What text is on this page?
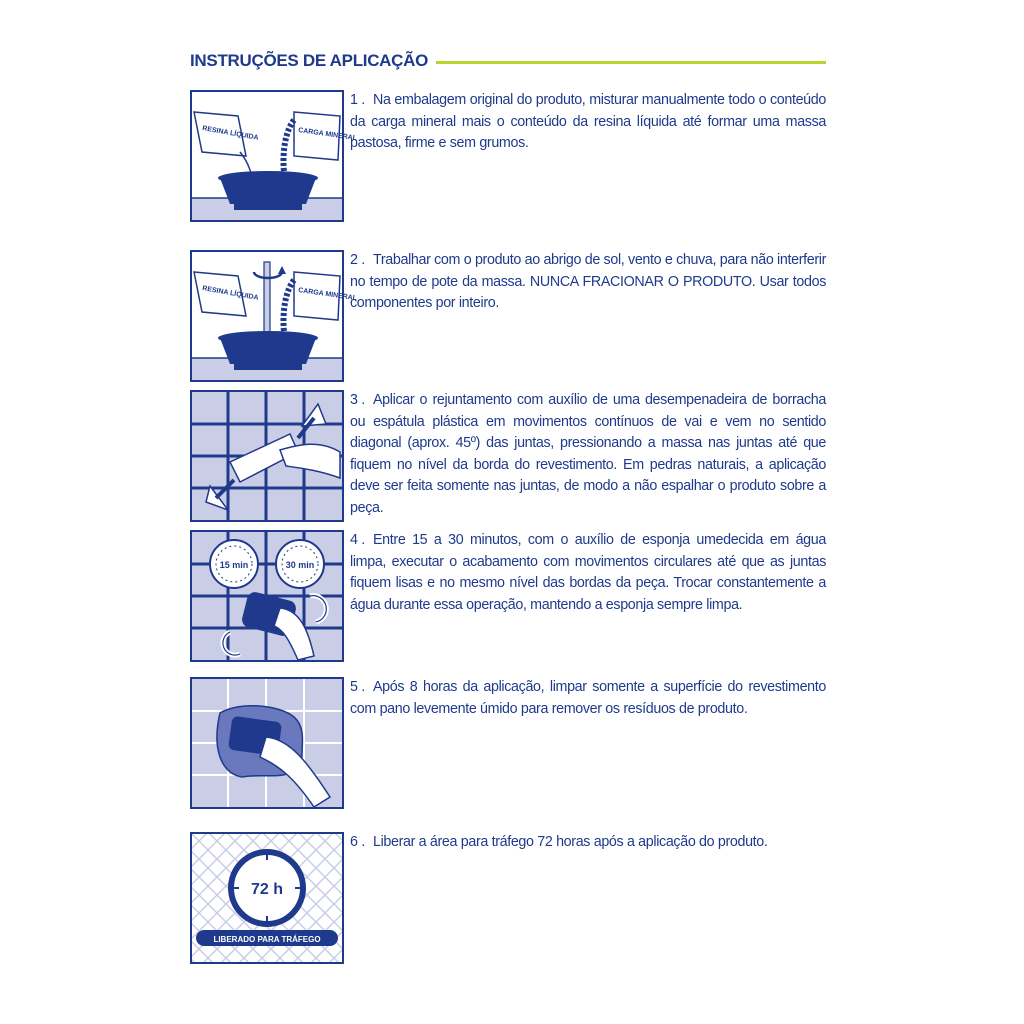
INSTRUÇÕES DE APLICAÇÃO
RESINA LÍQUIDA	CARGA MINERAL
1 . Na embalagem original do produto, misturar manualmente todo o conteúdo da carga mineral mais o conteúdo da resina líquida até formar uma massa pastosa, firme e sem grumos.
RESINA LÍQUIDA	CARGA MINERAL
2 . Trabalhar com o produto ao abrigo de sol, vento e chuva, para não interferir no tempo de pote da massa. NUNCA FRACIONAR O PRODUTO. Usar todos componentes por inteiro.
3 . Aplicar o rejuntamento com auxílio de uma desempenadeira de borracha ou espátula plástica em movimentos contínuos de vai e vem no sentido diagonal (aprox. 45º) das juntas, pressionando a massa nas juntas até que fiquem no nível da borda do revestimento. Em pedras naturais, a aplicação deve ser feita somente nas juntas, de modo a não espalhar o produto sobre a peça.
15 min	30 min
4 . Entre 15 a 30 minutos, com o auxílio de esponja umedecida em água limpa, executar o acabamento com movimentos circulares até que as juntas fiquem lisas e no mesmo nível das bordas da peça. Trocar constantemente a água durante essa operação, mantendo a esponja sempre limpa.
5 . Após 8 horas da aplicação, limpar somente a superfície do revestimento com pano levemente úmido para remover os resíduos de produto.
72 h
LIBERADO PARA TRÁFEGO
6 . Liberar a área para tráfego 72 horas após a aplicação do produto.
